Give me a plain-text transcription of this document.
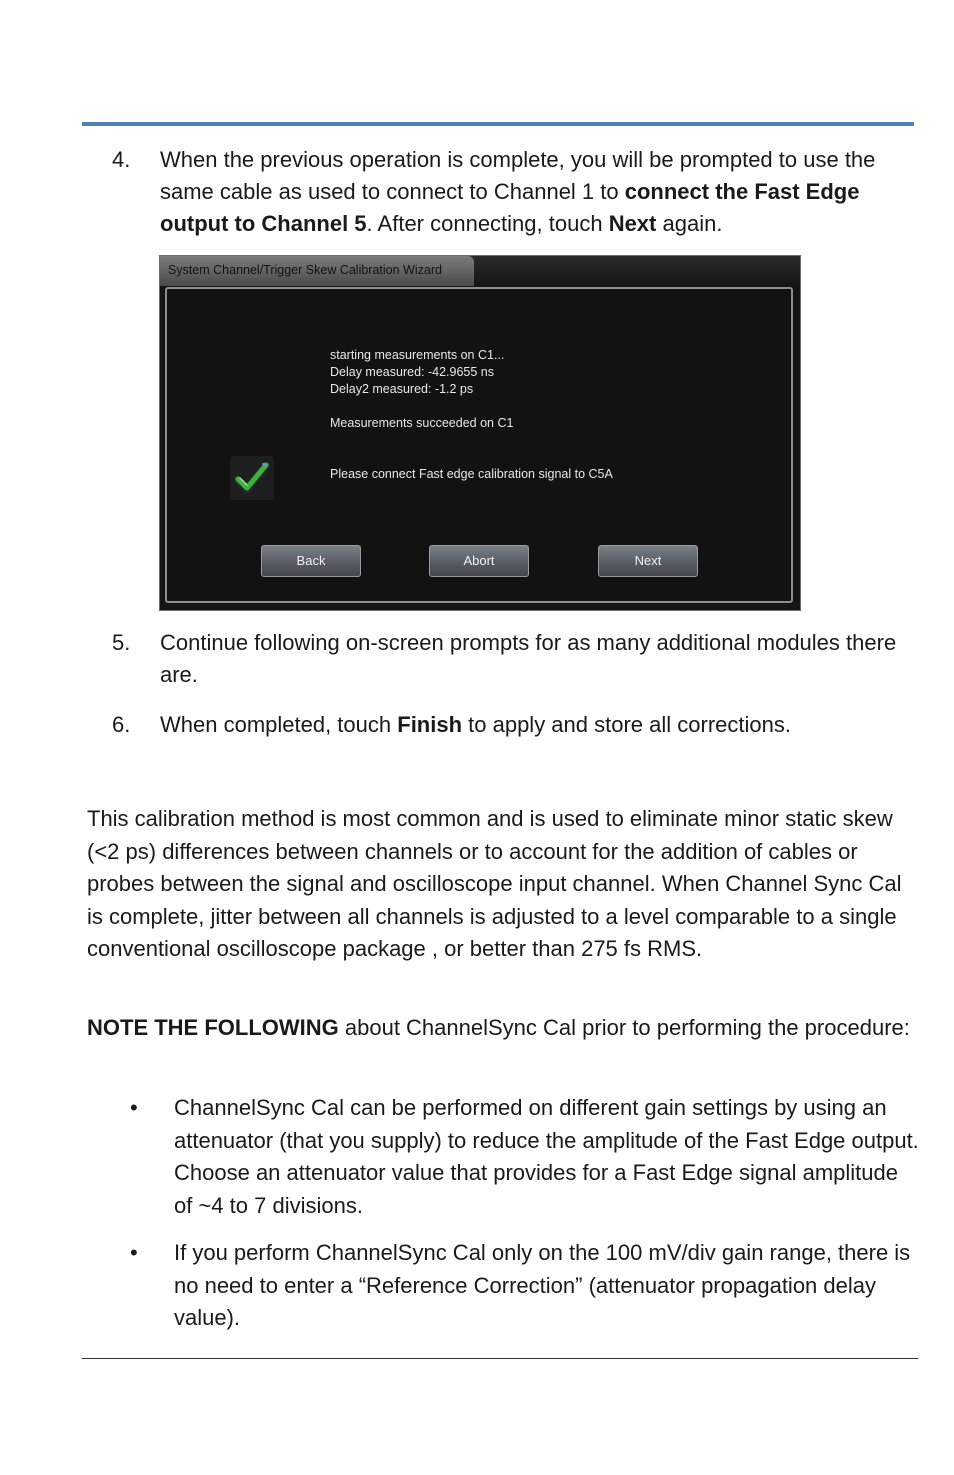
4. When the previous operation is complete, you will be prompted to use the same cable as used to connect to Channel 1 to connect the Fast Edge output to Channel 5. After connecting, touch Next again.
System Channel/Trigger Skew Calibration Wizard
starting measurements on C1...
Delay measured: -42.9655 ns
Delay2 measured: -1.2 ps
Measurements succeeded on C1
Please connect Fast edge calibration signal to C5A
Back	Abort	Next
5. Continue following on-screen prompts for as many additional modules there are.
6. When completed, touch Finish to apply and store all corrections.

This calibration method is most common and is used to eliminate minor static skew (<2 ps) differences between channels or to account for the addition of cables or probes between the signal and oscilloscope input channel. When Channel Sync Cal is complete, jitter between all channels is adjusted to a level comparable to a single conventional oscilloscope package , or better than 275 fs RMS.

NOTE THE FOLLOWING about ChannelSync Cal prior to performing the procedure:

• ChannelSync Cal can be performed on different gain settings by using an attenuator (that you supply) to reduce the amplitude of the Fast Edge output. Choose an attenuator value that provides for a Fast Edge signal amplitude of ~4 to 7 divisions.
• If you perform ChannelSync Cal only on the 100 mV/div gain range, there is no need to enter a “Reference Correction” (attenuator propagation delay value).
